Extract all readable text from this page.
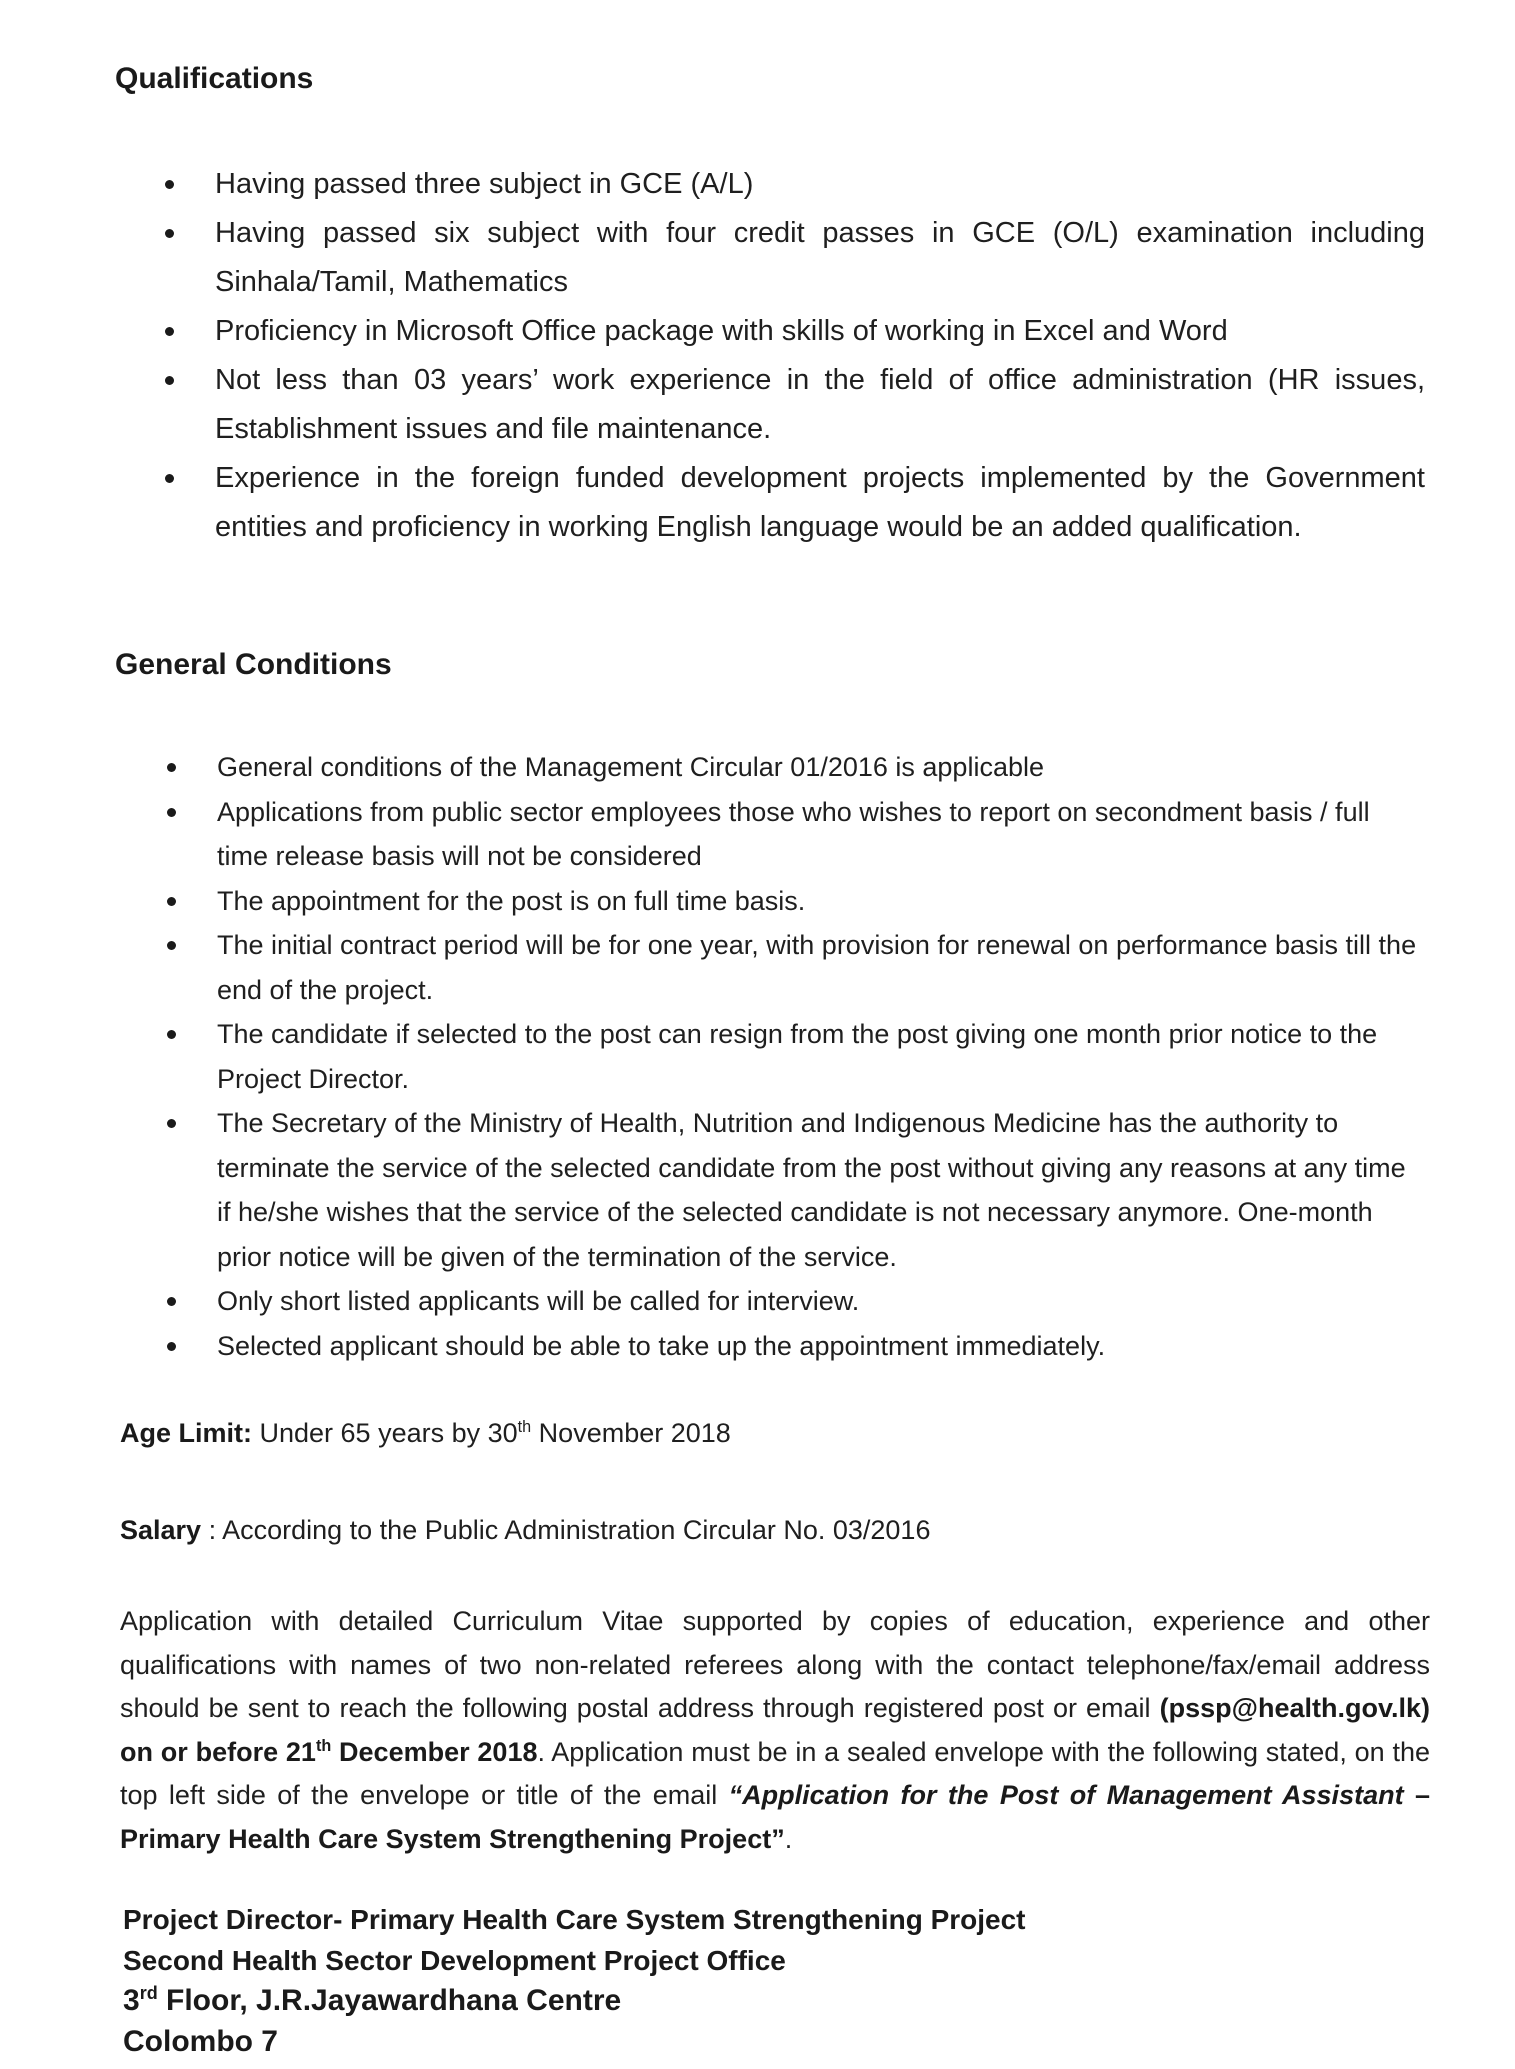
Qualifications
Having passed three subject in GCE (A/L)
Having passed six subject with four credit passes in GCE (O/L) examination including Sinhala/Tamil, Mathematics
Proficiency in Microsoft Office package with skills of working in Excel and Word
Not less than 03 years’ work experience in the field of office administration (HR issues, Establishment issues and file maintenance.
Experience in the foreign funded development projects implemented by the Government entities and proficiency in working English language would be an added qualification.
General Conditions
General conditions of the Management Circular 01/2016 is applicable
Applications from public sector employees those who wishes to report on secondment basis / full time release basis will not be considered
The appointment for the post is on full time basis.
The initial contract period will be for one year, with provision for renewal on performance basis till the end of the project.
The candidate if selected to the post can resign from the post giving one month prior notice to the Project Director.
The Secretary of the Ministry of Health, Nutrition and Indigenous Medicine has the authority to terminate the service of the selected candidate from the post without giving any reasons at any time if he/she wishes that the service of the selected candidate is not necessary anymore. One-month prior notice will be given of the termination of the service.
Only short listed applicants will be called for interview.
Selected applicant should be able to take up the appointment immediately.

Age Limit: Under 65 years by 30th November 2018

Salary : According to the Public Administration Circular No. 03/2016

Application with detailed Curriculum Vitae supported by copies of education, experience and other qualifications with names of two non-related referees along with the contact telephone/fax/email address should be sent to reach the following postal address through registered post or email (pssp@health.gov.lk) on or before 21th December 2018. Application must be in a sealed envelope with the following stated, on the top left side of the envelope or title of the email “Application for the Post of Management Assistant – Primary Health Care System Strengthening Project”.

Project Director- Primary Health Care System Strengthening Project
Second Health Sector Development Project Office
3rd Floor, J.R.Jayawardhana Centre
Colombo 7
